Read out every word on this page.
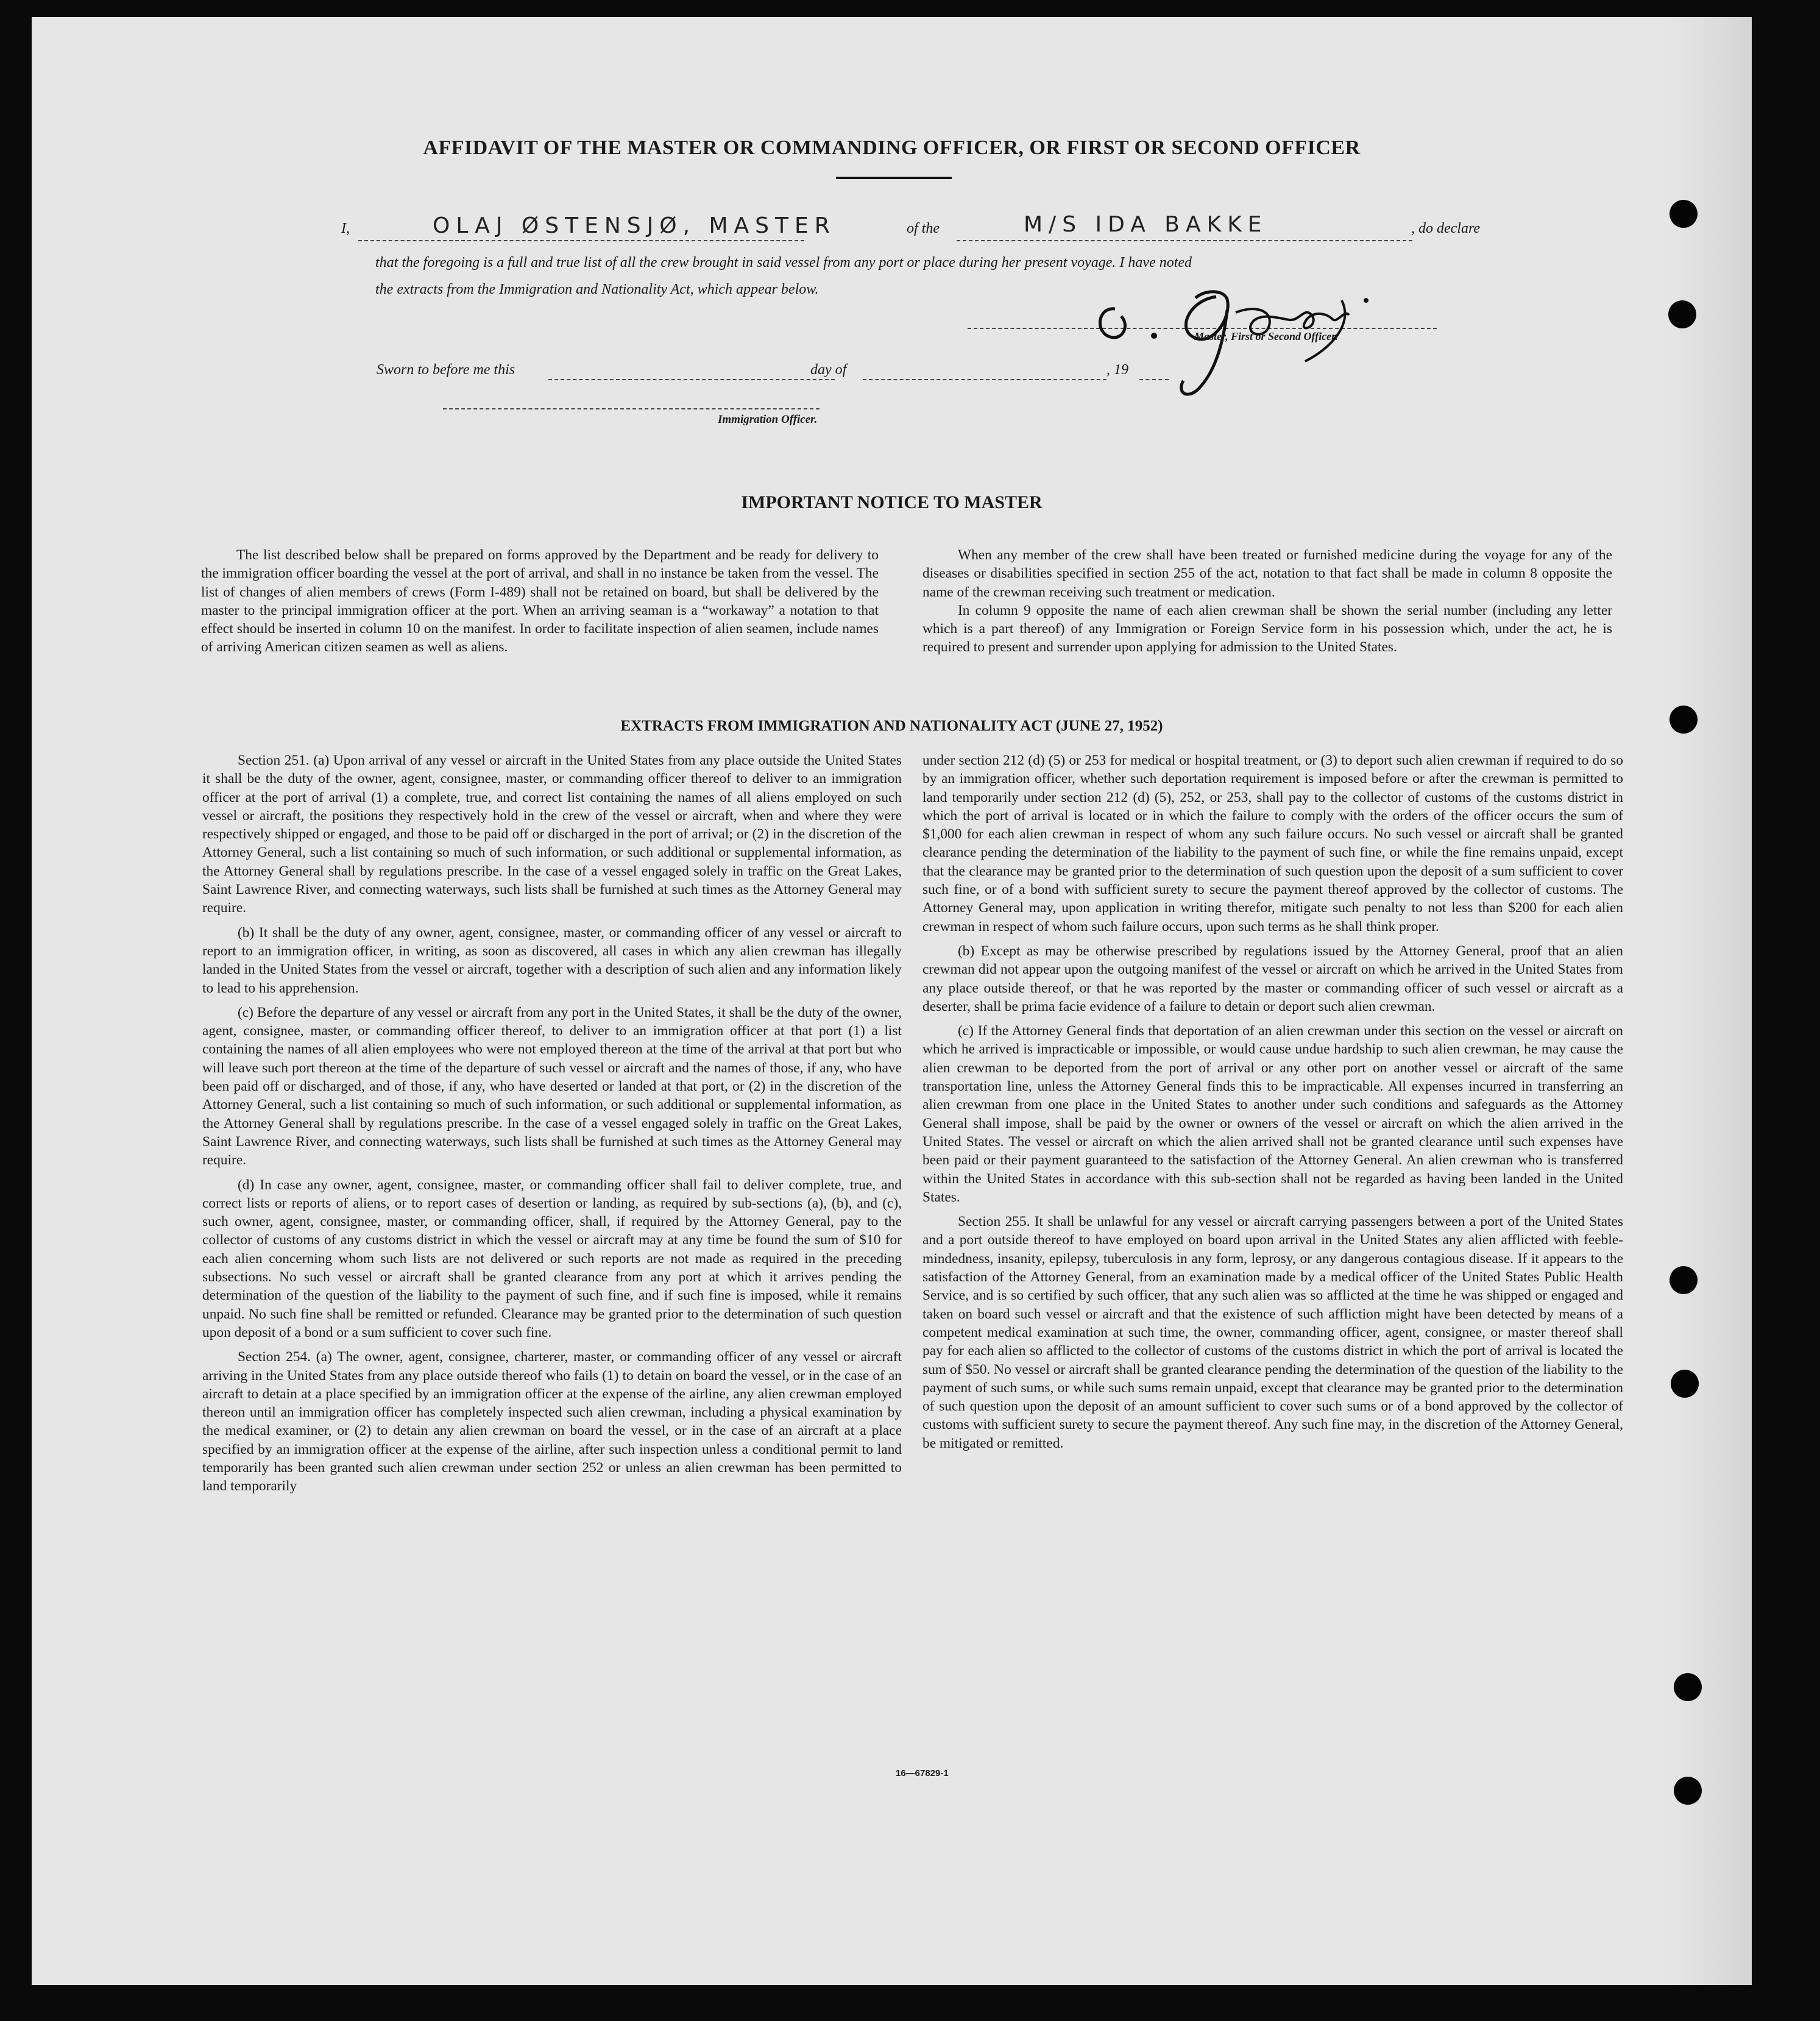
AFFIDAVIT OF THE MASTER OR COMMANDING OFFICER, OR FIRST OR SECOND OFFICER
I,	OLAJ ØSTENSJØ, MASTER	of the	M/S IDA BAKKE	, do declare
that the foregoing is a full and true list of all the crew brought in said vessel from any port or place during her present voyage. I have noted
the extracts from the Immigration and Nationality Act, which appear below.
Master, First or Second Officer.
Sworn to before me this	day of	, 19
Immigration Officer.
IMPORTANT NOTICE TO MASTER

The list described below shall be prepared on forms approved by the Department and be ready for delivery to the immigration officer boarding the vessel at the port of arrival, and shall in no instance be taken from the vessel. The list of changes of alien members of crews (Form I-489) shall not be retained on board, but shall be delivered by the master to the principal immigration officer at the port. When an arriving seaman is a “workaway” a notation to that effect should be inserted in column 10 on the manifest. In order to facilitate inspection of alien seamen, include names of arriving American citizen seamen as well as aliens.

When any member of the crew shall have been treated or furnished medicine during the voyage for any of the diseases or disabilities specified in section 255 of the act, notation to that fact shall be made in column 8 opposite the name of the crewman receiving such treatment or medication.

In column 9 opposite the name of each alien crewman shall be shown the serial number (including any letter which is a part thereof) of any Immigration or Foreign Service form in his possession which, under the act, he is required to present and surrender upon applying for admission to the United States.

EXTRACTS FROM IMMIGRATION AND NATIONALITY ACT (JUNE 27, 1952)

Section 251. (a) Upon arrival of any vessel or aircraft in the United States from any place outside the United States it shall be the duty of the owner, agent, consignee, master, or commanding officer thereof to deliver to an immigration officer at the port of arrival (1) a complete, true, and correct list containing the names of all aliens employed on such vessel or aircraft, the positions they respectively hold in the crew of the vessel or aircraft, when and where they were respectively shipped or engaged, and those to be paid off or discharged in the port of arrival; or (2) in the discretion of the Attorney General, such a list containing so much of such information, or such additional or supplemental information, as the Attorney General shall by regulations prescribe. In the case of a vessel engaged solely in traffic on the Great Lakes, Saint Lawrence River, and connecting waterways, such lists shall be furnished at such times as the Attorney General may require.

(b) It shall be the duty of any owner, agent, consignee, master, or commanding officer of any vessel or aircraft to report to an immigration officer, in writing, as soon as discovered, all cases in which any alien crewman has illegally landed in the United States from the vessel or aircraft, together with a description of such alien and any information likely to lead to his apprehension.

(c) Before the departure of any vessel or aircraft from any port in the United States, it shall be the duty of the owner, agent, consignee, master, or commanding officer thereof, to deliver to an immigration officer at that port (1) a list containing the names of all alien employees who were not employed thereon at the time of the arrival at that port but who will leave such port thereon at the time of the departure of such vessel or aircraft and the names of those, if any, who have been paid off or discharged, and of those, if any, who have deserted or landed at that port, or (2) in the discretion of the Attorney General, such a list containing so much of such information, or such additional or supplemental information, as the Attorney General shall by regulations prescribe. In the case of a vessel engaged solely in traffic on the Great Lakes, Saint Lawrence River, and connecting waterways, such lists shall be furnished at such times as the Attorney General may require.

(d) In case any owner, agent, consignee, master, or commanding officer shall fail to deliver complete, true, and correct lists or reports of aliens, or to report cases of desertion or landing, as required by sub-sections (a), (b), and (c), such owner, agent, consignee, master, or commanding officer, shall, if required by the Attorney General, pay to the collector of customs of any customs district in which the vessel or aircraft may at any time be found the sum of $10 for each alien concerning whom such lists are not delivered or such reports are not made as required in the preceding subsections. No such vessel or aircraft shall be granted clearance from any port at which it arrives pending the determination of the question of the liability to the payment of such fine, and if such fine is imposed, while it remains unpaid. No such fine shall be remitted or refunded. Clearance may be granted prior to the determination of such question upon deposit of a bond or a sum sufficient to cover such fine.

Section 254. (a) The owner, agent, consignee, charterer, master, or commanding officer of any vessel or aircraft arriving in the United States from any place outside thereof who fails (1) to detain on board the vessel, or in the case of an aircraft to detain at a place specified by an immigration officer at the expense of the airline, any alien crewman employed thereon until an immigration officer has completely inspected such alien crewman, including a physical examination by the medical examiner, or (2) to detain any alien crewman on board the vessel, or in the case of an aircraft at a place specified by an immigration officer at the expense of the airline, after such inspection unless a conditional permit to land temporarily has been granted such alien crewman under section 252 or unless an alien crewman has been permitted to land temporarily

under section 212 (d) (5) or 253 for medical or hospital treatment, or (3) to deport such alien crewman if required to do so by an immigration officer, whether such deportation requirement is imposed before or after the crewman is permitted to land temporarily under section 212 (d) (5), 252, or 253, shall pay to the collector of customs of the customs district in which the port of arrival is located or in which the failure to comply with the orders of the officer occurs the sum of $1,000 for each alien crewman in respect of whom any such failure occurs. No such vessel or aircraft shall be granted clearance pending the determination of the liability to the payment of such fine, or while the fine remains unpaid, except that the clearance may be granted prior to the determination of such question upon the deposit of a sum sufficient to cover such fine, or of a bond with sufficient surety to secure the payment thereof approved by the collector of customs. The Attorney General may, upon application in writing therefor, mitigate such penalty to not less than $200 for each alien crewman in respect of whom such failure occurs, upon such terms as he shall think proper.

(b) Except as may be otherwise prescribed by regulations issued by the Attorney General, proof that an alien crewman did not appear upon the outgoing manifest of the vessel or aircraft on which he arrived in the United States from any place outside thereof, or that he was reported by the master or commanding officer of such vessel or aircraft as a deserter, shall be prima facie evidence of a failure to detain or deport such alien crewman.

(c) If the Attorney General finds that deportation of an alien crewman under this section on the vessel or aircraft on which he arrived is impracticable or impossible, or would cause undue hardship to such alien crewman, he may cause the alien crewman to be deported from the port of arrival or any other port on another vessel or aircraft of the same transportation line, unless the Attorney General finds this to be impracticable. All expenses incurred in transferring an alien crewman from one place in the United States to another under such conditions and safeguards as the Attorney General shall impose, shall be paid by the owner or owners of the vessel or aircraft on which the alien arrived in the United States. The vessel or aircraft on which the alien arrived shall not be granted clearance until such expenses have been paid or their payment guaranteed to the satisfaction of the Attorney General. An alien crewman who is transferred within the United States in accordance with this sub-section shall not be regarded as having been landed in the United States.

Section 255. It shall be unlawful for any vessel or aircraft carrying passengers between a port of the United States and a port outside thereof to have employed on board upon arrival in the United States any alien afflicted with feeble-mindedness, insanity, epilepsy, tuberculosis in any form, leprosy, or any dangerous contagious disease. If it appears to the satisfaction of the Attorney General, from an examination made by a medical officer of the United States Public Health Service, and is so certified by such officer, that any such alien was so afflicted at the time he was shipped or engaged and taken on board such vessel or aircraft and that the existence of such affliction might have been detected by means of a competent medical examination at such time, the owner, commanding officer, agent, consignee, or master thereof shall pay for each alien so afflicted to the collector of customs of the customs district in which the port of arrival is located the sum of $50. No vessel or aircraft shall be granted clearance pending the determination of the question of the liability to the payment of such sums, or while such sums remain unpaid, except that clearance may be granted prior to the determination of such question upon the deposit of an amount sufficient to cover such sums or of a bond approved by the collector of customs with sufficient surety to secure the payment thereof. Any such fine may, in the discretion of the Attorney General, be mitigated or remitted.

16—67829-1
